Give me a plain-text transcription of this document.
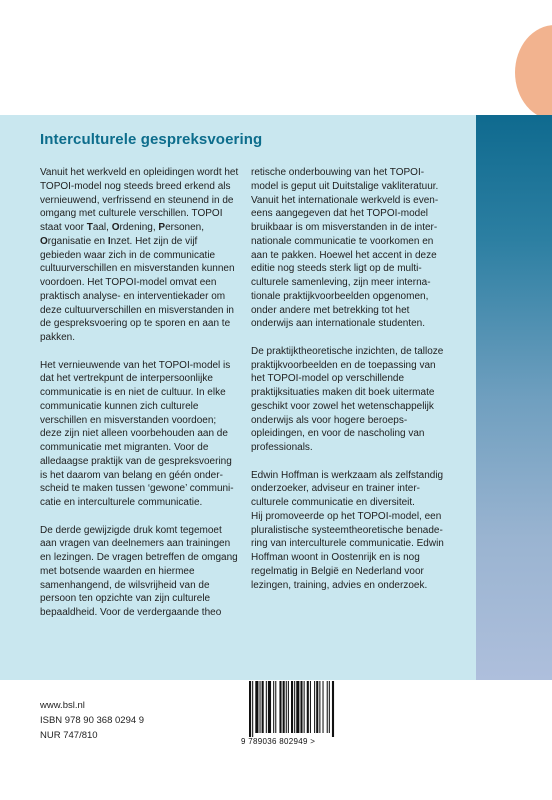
Interculturele gespreksvoering

Vanuit het werkveld en opleidingen wordt het TOPOI-model nog steeds breed erkend als vernieuwend, verfrissend en steunend in de omgang met culturele verschillen. TOPOI staat voor Taal, Ordening, Personen, Organisatie en Inzet. Het zijn de vijf gebieden waar zich in de communicatie cultuurverschillen en misverstanden kunnen voordoen. Het TOPOI-model omvat een praktisch analyse- en interventiekader om deze cultuurverschillen en misverstanden in de gespreksvoering op te sporen en aan te pakken.

Het vernieuwende van het TOPOI-model is dat het vertrekpunt de interpersoonlijke communicatie is en niet de cultuur. In elke communicatie kunnen zich culturele verschillen en misverstanden voordoen; deze zijn niet alleen voorbehouden aan de communicatie met migranten. Voor de alledaagse praktijk van de gespreksvoering is het daarom van belang en géén onderscheid te maken tussen ‘gewone’ communicatie en interculturele communicatie.

De derde gewijzigde druk komt tegemoet aan vragen van deelnemers aan trainingen en lezingen. De vragen betreffen de omgang met botsende waarden en hiermee samenhangend, de wilsvrijheid van de persoon ten opzichte van zijn culturele bepaaldheid. Voor de verdergaande theo

retische onderbouwing van het TOPOI-model is geput uit Duitstalige vakliteratuur. Vanuit het internationale werkveld is eveneens aangegeven dat het TOPOI-model bruikbaar is om misverstanden in de internationale communicatie te voorkomen en aan te pakken. Hoewel het accent in deze editie nog steeds sterk ligt op de multiculturele samenleving, zijn meer internationale praktijkvoorbeelden opgenomen, onder andere met betrekking tot het onderwijs aan internationale studenten.

De praktijktheoretische inzichten, de talloze praktijkvoorbeelden en de toepassing van het TOPOI-model op verschillende praktijksituaties maken dit boek uitermate geschikt voor zowel het wetenschappelijk onderwijs als voor hogere beroepsopleidingen, en voor de nascholing van professionals.

Edwin Hoffman is werkzaam als zelfstandig onderzoeker, adviseur en trainer interculturele communicatie en diversiteit.

Hij promoveerde op het TOPOI-model, een pluralistische systeemtheoretische benadering van interculturele communicatie. Edwin Hoffman woont in Oostenrijk en is nog regelmatig in België en Nederland voor lezingen, training, advies en onderzoek.

www.bsl.nl
ISBN 978 90 368 0294 9
NUR 747/810
9 789036 802949 >
